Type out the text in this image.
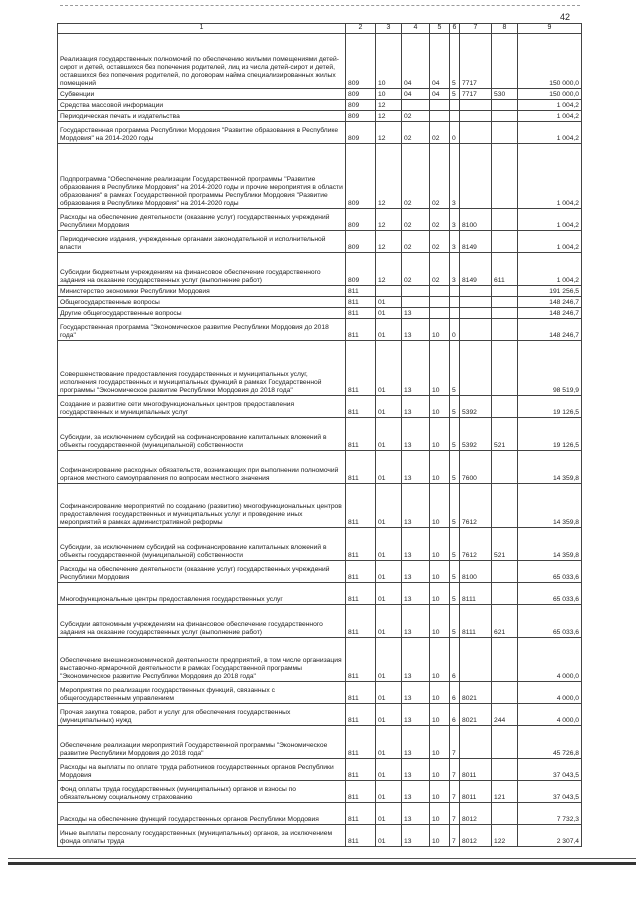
42
1	2	3	4	5	6	7	8	9
Реализация государственных полномочий по обеспечению жилыми помещениями детей-сирот и детей, оставшихся без попечения родителей, лиц из числа детей-сирот и детей, оставшихся без попечения родителей, по договорам найма специализированных жилых помещений	809	10	04	04	5	7717		150 000,0
Субвенции	809	10	04	04	5	7717	530	150 000,0
Средства массовой информации	809	12						1 004,2
Периодическая печать и издательства	809	12	02					1 004,2
Государственная программа Республики Мордовия "Развитие образования в Республике Мордовия" на 2014-2020 годы	809	12	02	02	0			1 004,2
Подпрограмма "Обеспечение реализации Государственной программы "Развитие образования в Республике Мордовия" на 2014-2020 годы и прочие мероприятия в области образования" в рамках Государственной программы Республики Мордовия "Развитие образования в Республике Мордовия" на 2014-2020 годы	809	12	02	02	3			1 004,2
Расходы на обеспечение деятельности (оказание услуг) государственных учреждений Республики Мордовия	809	12	02	02	3	8100		1 004,2
Периодические издания, учрежденные органами законодательной и исполнительной власти	809	12	02	02	3	8149		1 004,2
Субсидии бюджетным учреждениям на финансовое обеспечение государственного задания на оказание государственных услуг (выполнение работ)	809	12	02	02	3	8149	611	1 004,2
Министерство экономики Республики Мордовия	811							191 256,5
Общегосударственные вопросы	811	01						148 246,7
Другие общегосударственные вопросы	811	01	13					148 246,7
Государственная программа "Экономическое развитие Республики Мордовия до 2018 года"	811	01	13	10	0			148 246,7
Совершенствование предоставления государственных и муниципальных услуг, исполнения государственных и муниципальных функций в рамках Государственной программы "Экономическое развитие Республики Мордовия до 2018 года"	811	01	13	10	5			98 519,9
Создание и развитие сети многофункциональных центров предоставления государственных и муниципальных услуг	811	01	13	10	5	5392		19 126,5
Субсидии, за исключением субсидий на софинансирование капитальных вложений в объекты государственной (муниципальной) собственности	811	01	13	10	5	5392	521	19 126,5
Софинансирование расходных обязательств, возникающих при выполнении полномочий органов местного самоуправления по вопросам местного значения	811	01	13	10	5	7600		14 359,8
Софинансирование мероприятий по созданию (развитию) многофункциональных центров предоставления государственных и муниципальных услуг и проведение иных мероприятий в рамках административной реформы	811	01	13	10	5	7612		14 359,8
Субсидии, за исключением субсидий на софинансирование капитальных вложений в объекты государственной (муниципальной) собственности	811	01	13	10	5	7612	521	14 359,8
Расходы на обеспечение деятельности (оказание услуг) государственных учреждений Республики Мордовия	811	01	13	10	5	8100		65 033,6
Многофункциональные центры предоставления государственных услуг	811	01	13	10	5	8111		65 033,6
Субсидии автономным учреждениям на финансовое обеспечение государственного задания на оказание государственных услуг (выполнение работ)	811	01	13	10	5	8111	621	65 033,6
Обеспечение внешнеэкономической деятельности предприятий, в том числе организация выставочно-ярмарочной деятельности в рамках Государственной программы "Экономическое развитие Республики Мордовия до 2018 года"	811	01	13	10	6			4 000,0
Мероприятия по реализации государственных функций, связанных с общегосударственным управлением	811	01	13	10	6	8021		4 000,0
Прочая закупка товаров, работ и услуг для обеспечения государственных (муниципальных) нужд	811	01	13	10	6	8021	244	4 000,0
Обеспечение реализации мероприятий Государственной программы "Экономическое развитие Республики Мордовия до 2018 года"	811	01	13	10	7			45 726,8
Расходы на выплаты по оплате труда работников государственных органов Республики Мордовия	811	01	13	10	7	8011		37 043,5
Фонд оплаты труда государственных (муниципальных) органов и взносы по обязательному социальному страхованию	811	01	13	10	7	8011	121	37 043,5
Расходы на обеспечение функций государственных органов Республики Мордовия	811	01	13	10	7	8012		7 732,3
Иные выплаты персоналу государственных (муниципальных) органов, за исключением фонда оплаты труда	811	01	13	10	7	8012	122	2 307,4
